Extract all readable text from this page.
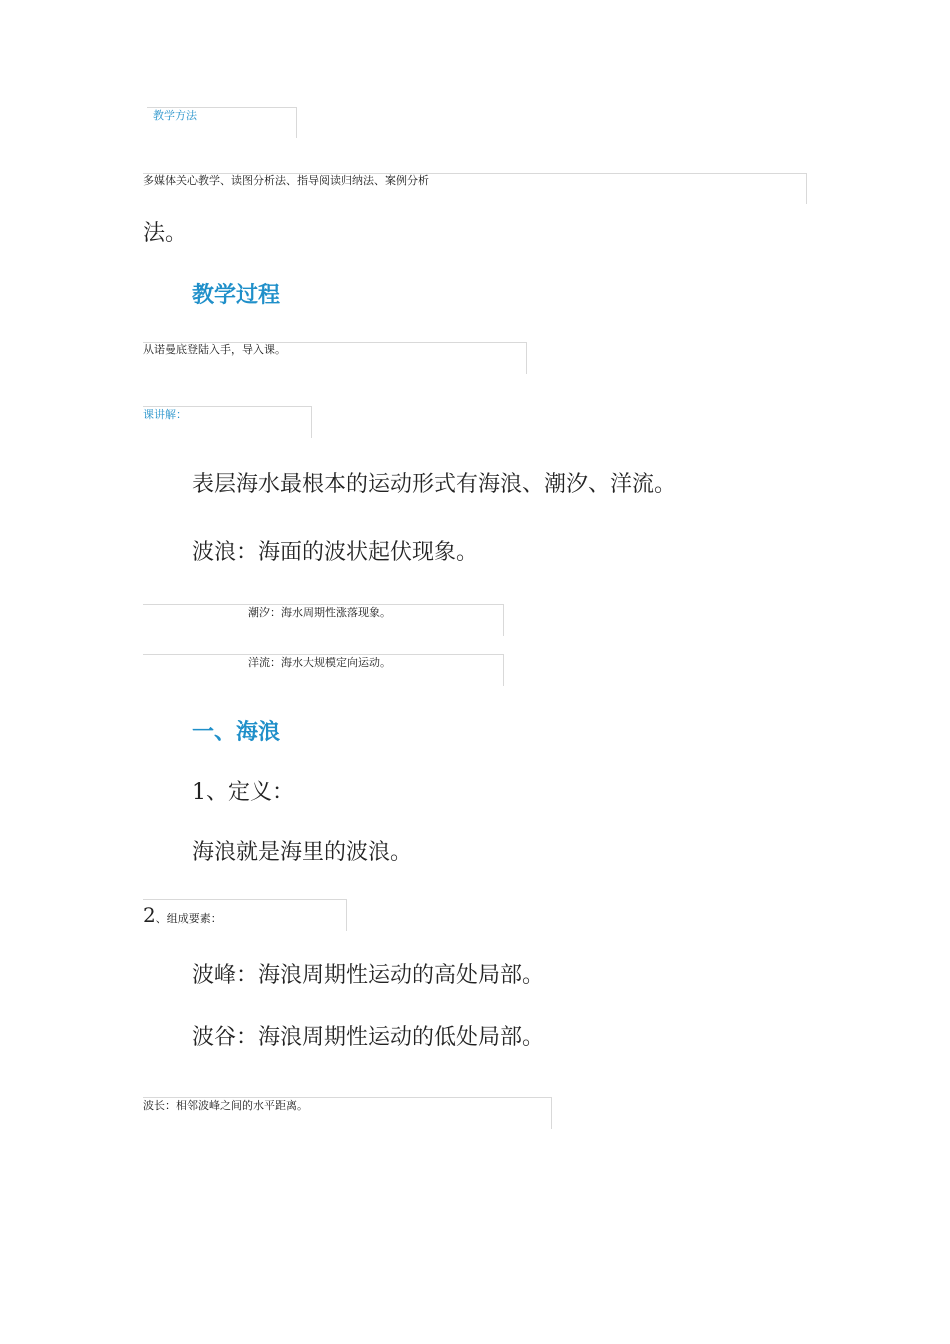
教学方法
多媒体关心教学、读图分析法、指导阅读归纳法、案例分析
法。
教学过程
从诺曼底登陆入手，导入课。
课讲解：
表层海水最根本的运动形式有海浪、潮汐、洋流。
波浪：海面的波状起伏现象。
潮汐：海水周期性涨落现象。
洋流：海水大规模定向运动。
一、海浪
1、定义：
海浪就是海里的波浪。
2、组成要素：
波峰：海浪周期性运动的高处局部。
波谷：海浪周期性运动的低处局部。
波长：相邻波峰之间的水平距离。
